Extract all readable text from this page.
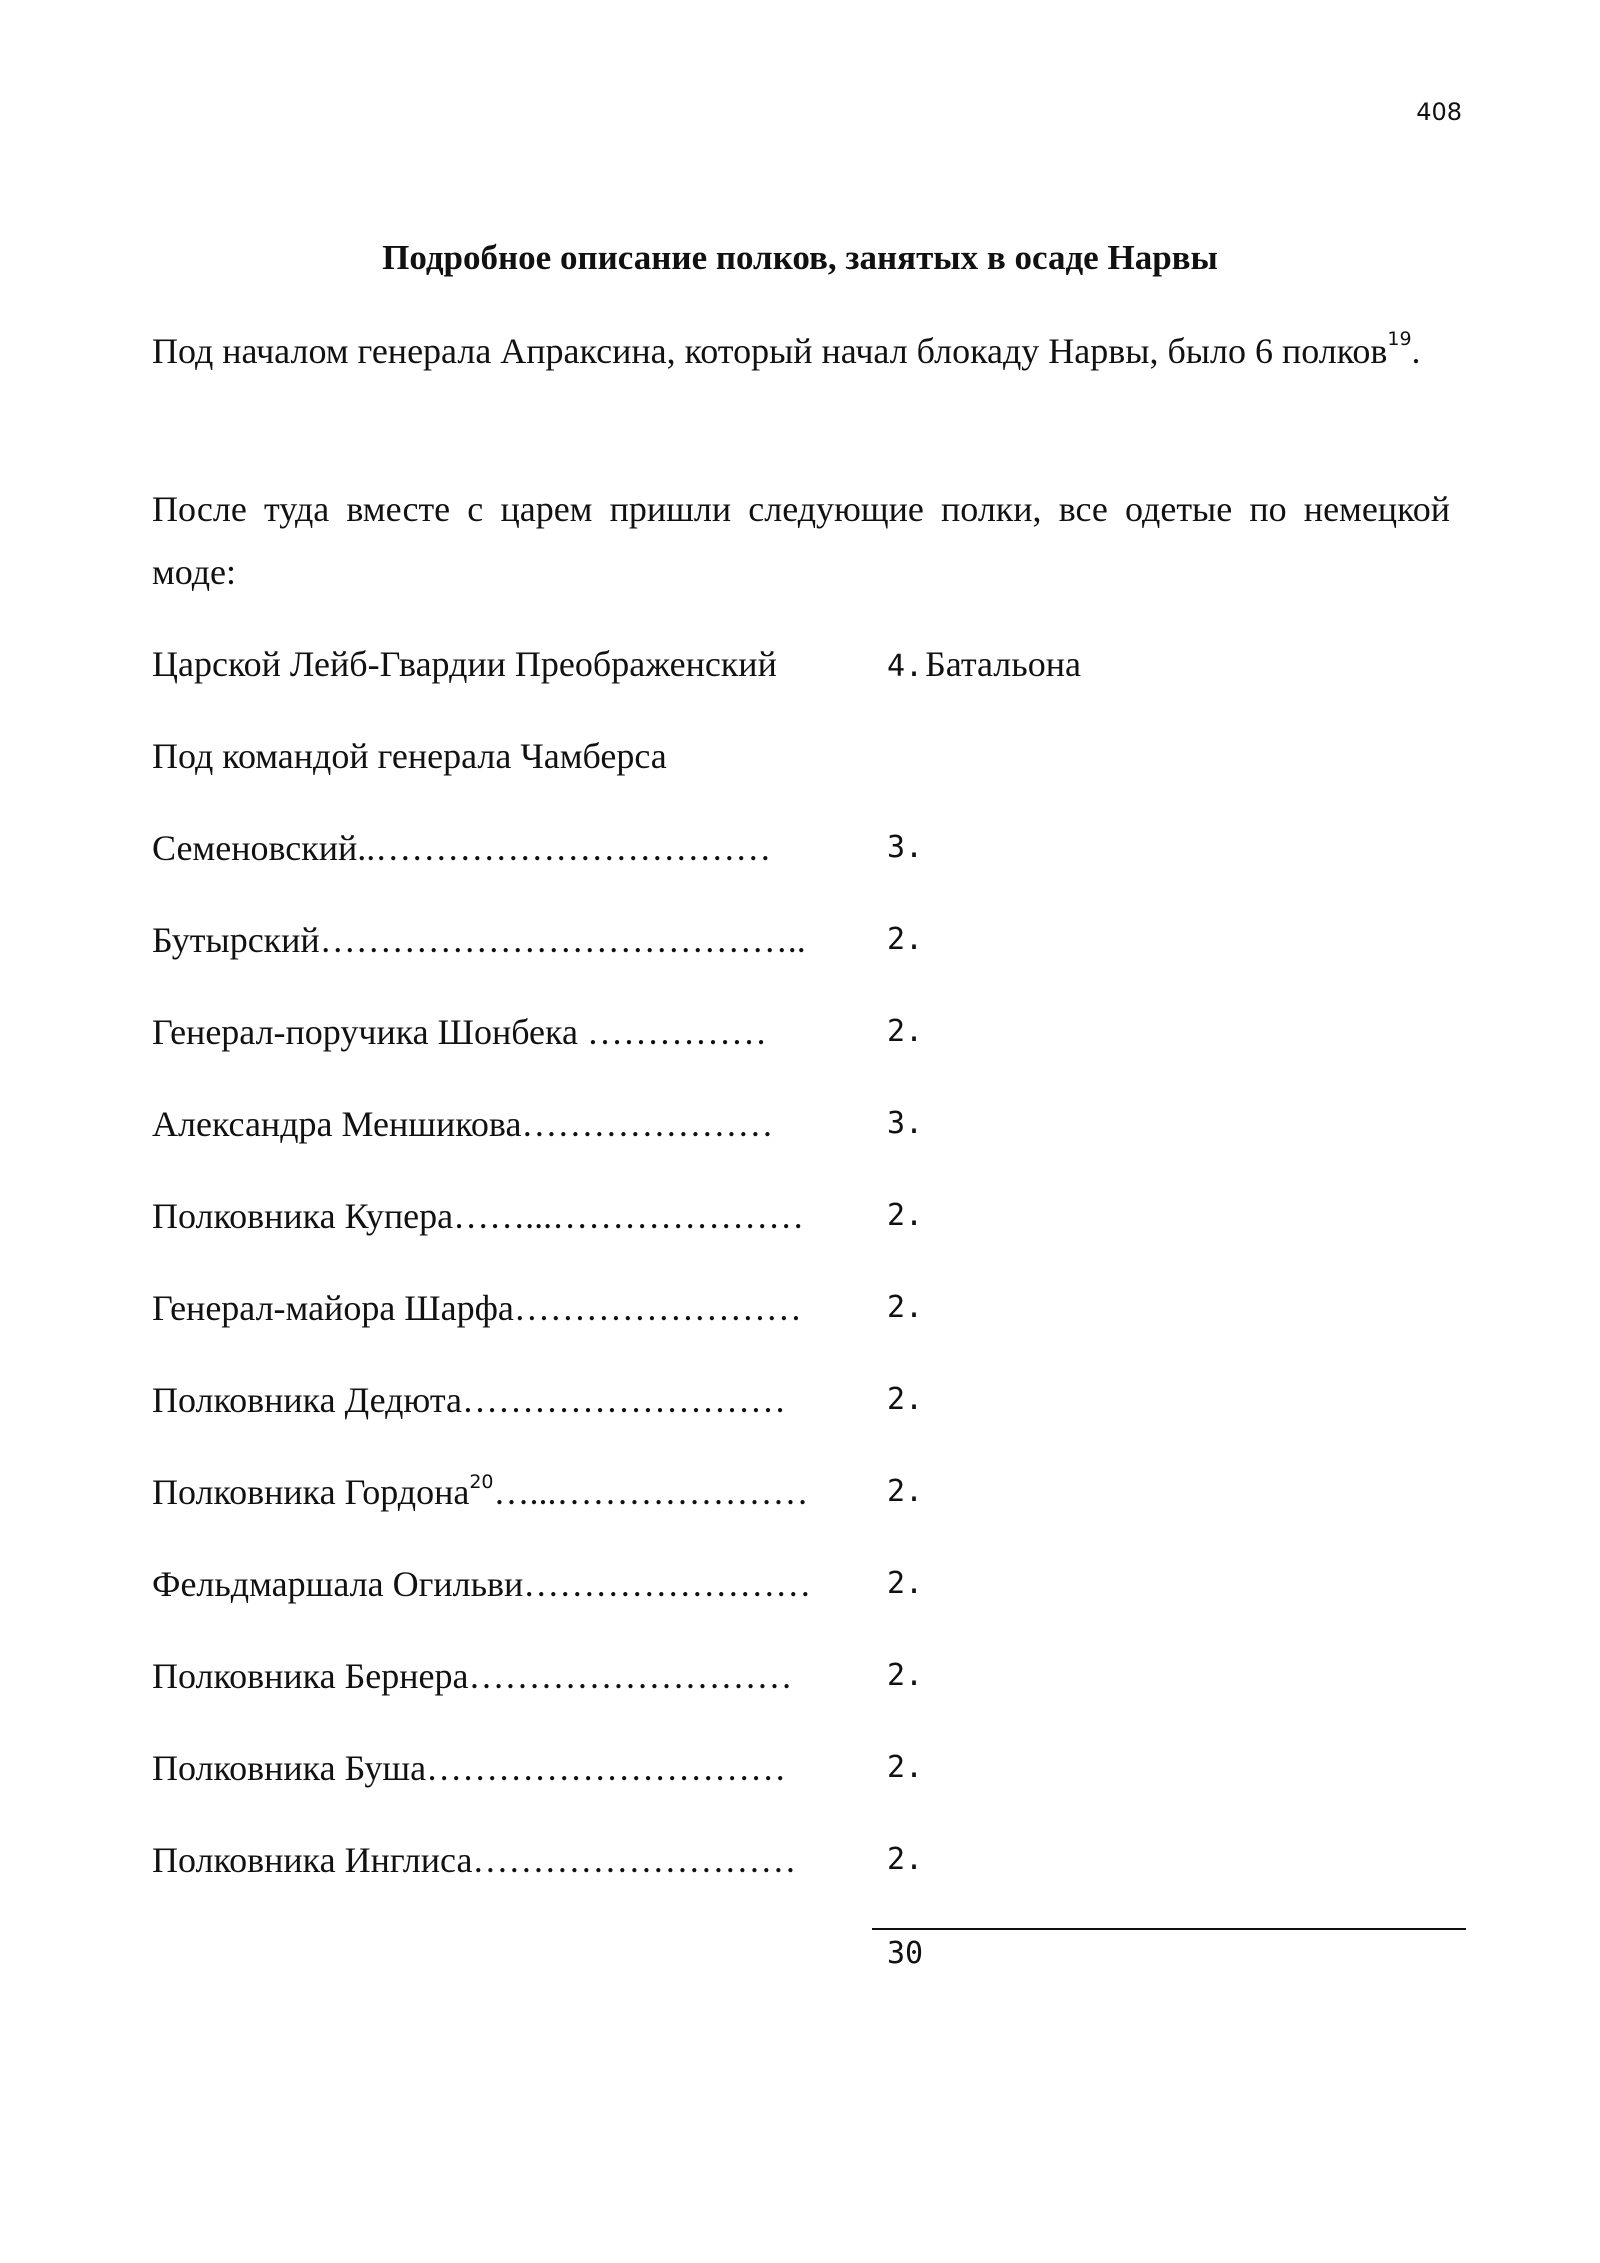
408
Подробное описание полков, занятых в осаде Нарвы
Под началом генерала Апраксина, который начал блокаду Нарвы, было 6 полков$^{19}$.
После туда вместе с царем пришли следующие полки, все одетые по немецкой моде:
Царской Лейб-Гвардии Преображенский	4.Батальона
Под командой генерала Чамберса
Семеновский..……………………………	3.
Бутырский…………………………………..	2.
Генерал-поручика Шонбека ……………	2.
Александра Меншикова…………………	3.
Полковника Купера……...…………………	2.
Генерал-майора Шарфа……………………	2.
Полковника Дедюта………………………	2.
Полковника Гордона$^{20}$…...…………………	2.
Фельдмаршала Огильви……………………	2.
Полковника Бернера………………………	2.
Полковника Буша…………………………	2.
Полковника Инглиса………………………	2.
30
